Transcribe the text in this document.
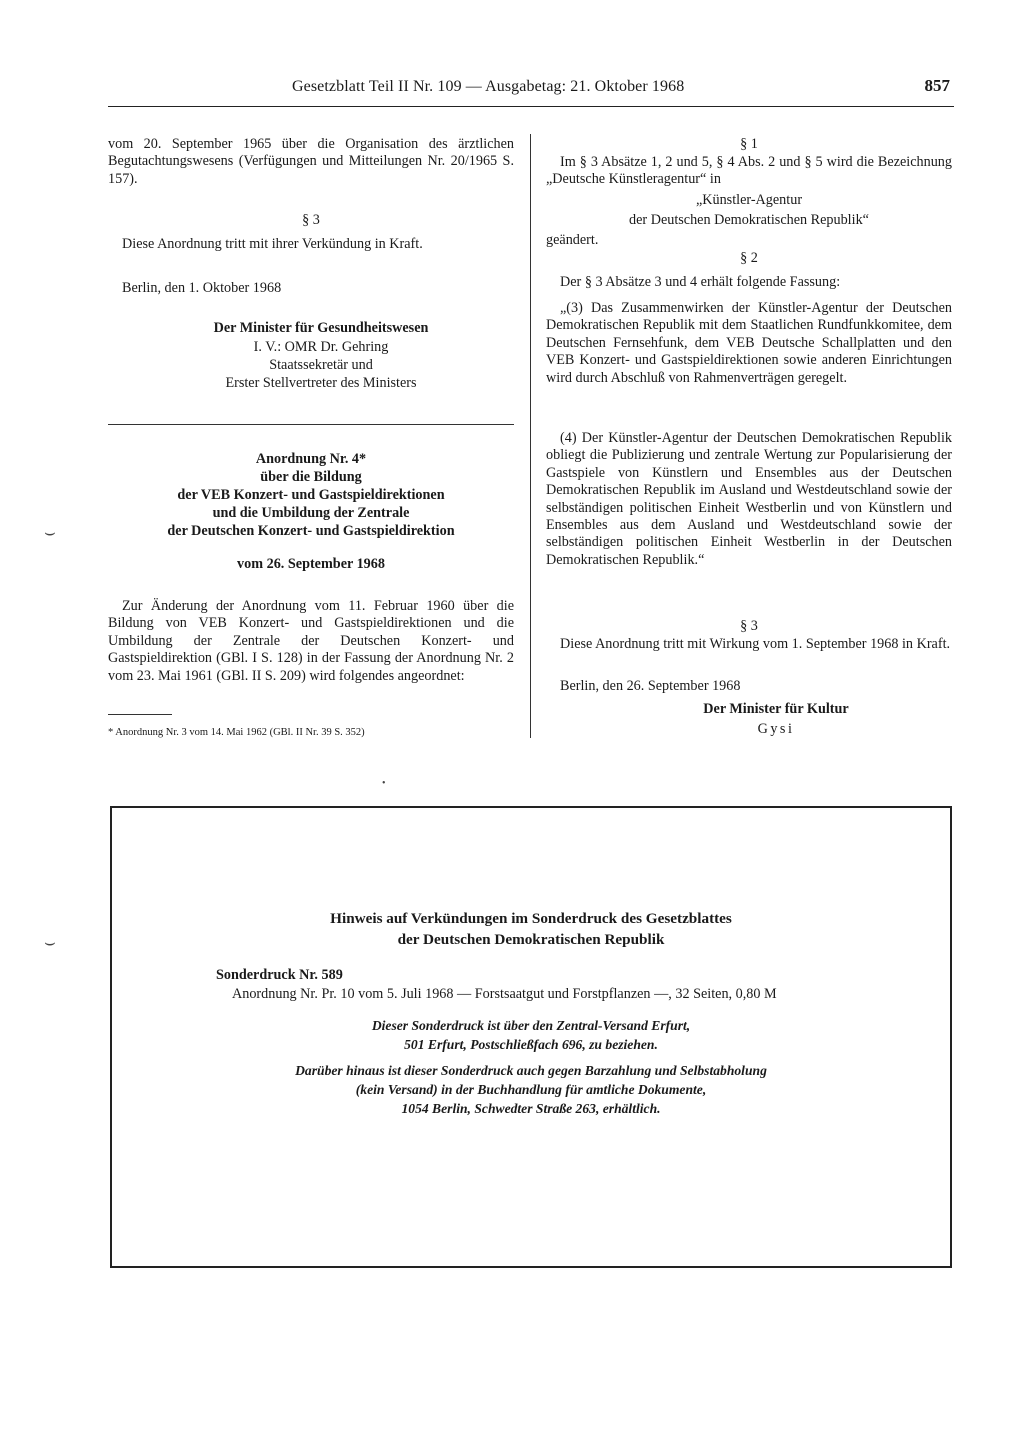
Gesetzblatt Teil II Nr. 109 — Ausgabetag: 21. Oktober 1968	857

vom 20. September 1965 über die Organisation des ärztlichen Begutachtungswesens (Verfügungen und Mitteilungen Nr. 20/1965 S. 157).

§ 3

Diese Anordnung tritt mit ihrer Verkündung in Kraft.

Berlin, den 1. Oktober 1968

Der Minister für Gesundheitswesen

I. V.: OMR Dr. Gehring

Staatssekretär und

Erster Stellvertreter des Ministers

Anordnung Nr. 4*

über die Bildung

der VEB Konzert- und Gastspieldirektionen

und die Umbildung der Zentrale

der Deutschen Konzert- und Gastspieldirektion

vom 26. September 1968

Zur Änderung der Anordnung vom 11. Februar 1960 über die Bildung von VEB Konzert- und Gastspieldirektionen und die Umbildung der Zentrale der Deutschen Konzert- und Gastspieldirektion (GBl. I S. 128) in der Fassung der Anordnung Nr. 2 vom 23. Mai 1961 (GBl. II S. 209) wird folgendes angeordnet:

* Anordnung Nr. 3 vom 14. Mai 1962 (GBl. II Nr. 39 S. 352)

§ 1

Im § 3 Absätze 1, 2 und 5, § 4 Abs. 2 und § 5 wird die Bezeichnung „Deutsche Künstleragentur“ in

„Künstler-Agentur

der Deutschen Demokratischen Republik“

geändert.

§ 2

Der § 3 Absätze 3 und 4 erhält folgende Fassung:

„(3) Das Zusammenwirken der Künstler-Agentur der Deutschen Demokratischen Republik mit dem Staatlichen Rundfunkkomitee, dem Deutschen Fernsehfunk, dem VEB Deutsche Schallplatten und den VEB Konzert- und Gastspieldirektionen sowie anderen Einrichtungen wird durch Abschluß von Rahmenverträgen geregelt.

(4) Der Künstler-Agentur der Deutschen Demokratischen Republik obliegt die Publizierung und zentrale Wertung zur Popularisierung der Gastspiele von Künstlern und Ensembles aus der Deutschen Demokratischen Republik im Ausland und Westdeutschland sowie der selbständigen politischen Einheit Westberlin und von Künstlern und Ensembles aus dem Ausland und Westdeutschland sowie der selbständigen politischen Einheit Westberlin in der Deutschen Demokratischen Republik.“

§ 3

Diese Anordnung tritt mit Wirkung vom 1. September 1968 in Kraft.

Berlin, den 26. September 1968

Der Minister für Kultur

Gysi

Hinweis auf Verkündungen im Sonderdruck des Gesetzblattes

der Deutschen Demokratischen Republik

Sonderdruck Nr. 589

Anordnung Nr. Pr. 10 vom 5. Juli 1968 — Forstsaatgut und Forstpflanzen —, 32 Seiten, 0,80 M

Dieser Sonderdruck ist über den Zentral-Versand Erfurt,

501 Erfurt, Postschließfach 696, zu beziehen.

Darüber hinaus ist dieser Sonderdruck auch gegen Barzahlung und Selbstabholung

(kein Versand) in der Buchhandlung für amtliche Dokumente,

1054 Berlin, Schwedter Straße 263, erhältlich.

⌣
⌣
•
